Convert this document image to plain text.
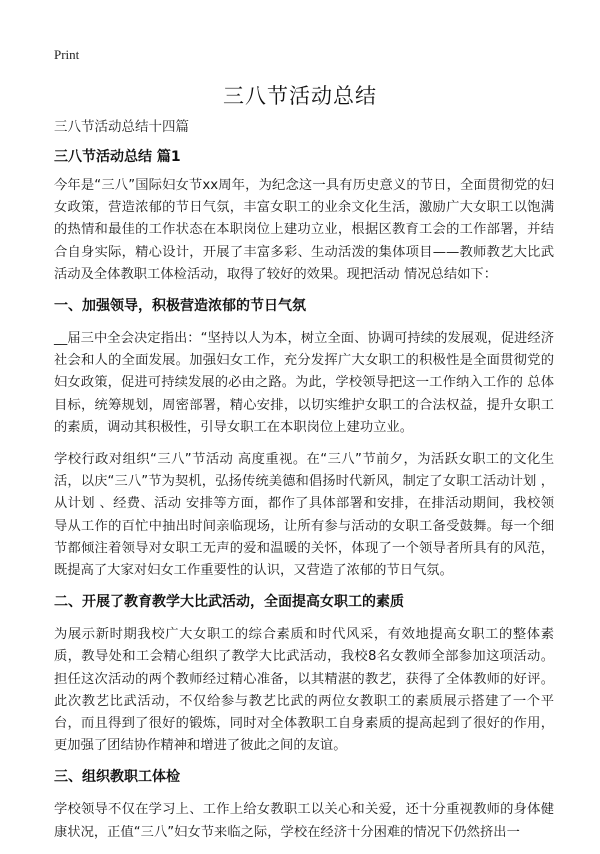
Print
三八节活动总结
三八节活动总结十四篇
三八节活动总结 篇1

今年是“三八”国际妇女节xx周年，为纪念这一具有历史意义的节日，全面贯彻党的妇女政策，营造浓郁的节日气氛，丰富女职工的业余文化生活，激励广大女职工以饱满的热情和最佳的工作状态在本职岗位上建功立业，根据区教育工会的工作部署，并结合自身实际，精心设计，开展了丰富多彩、生动活泼的集体项目——教师教艺大比武活动及全体教职工体检活动，取得了较好的效果。现把活动 情况总结如下：

一、加强领导，积极营造浓郁的节日气氛

__届三中全会决定指出：“坚持以人为本，树立全面、协调可持续的发展观，促进经济社会和人的全面发展。加强妇女工作，充分发挥广大女职工的积极性是全面贯彻党的妇女政策，促进可持续发展的必由之路。为此，学校领导把这一工作纳入工作的 总体目标，统筹规划，周密部署，精心安排，以切实维护女职工的合法权益，提升女职工的素质，调动其积极性，引导女职工在本职岗位上建功立业。

学校行政对组织“三八”节活动 高度重视。在“三八”节前夕，为活跃女职工的文化生活，以庆“三八”节为契机，弘扬传统美德和倡扬时代新风，制定了女职工活动计划 ，从计划 、经费、活动 安排等方面，都作了具体部署和安排，在排活动期间，我校领导从工作的百忙中抽出时间亲临现场，让所有参与活动的女职工备受鼓舞。每一个细节都倾注着领导对女职工无声的爱和温暖的关怀，体现了一个领导者所具有的风范，既提高了大家对妇女工作重要性的认识，又营造了浓郁的节日气氛。

二、开展了教育教学大比武活动，全面提高女职工的素质

为展示新时期我校广大女职工的综合素质和时代风采，有效地提高女职工的整体素质，教导处和工会精心组织了教学大比武活动，我校8名女教师全部参加这项活动。担任这次活动的两个教师经过精心准备，以其精湛的教艺，获得了全体教师的好评。此次教艺比武活动，不仅给参与教艺比武的两位女教职工的素质展示搭建了一个平台，而且得到了很好的锻炼，同时对全体教职工自身素质的提高起到了很好的作用，更加强了团结协作精神和增进了彼此之间的友谊。

三、组织教职工体检

学校领导不仅在学习上、工作上给女教职工以关心和关爱，还十分重视教师的身体健康状况，正值“三八”妇女节来临之际，学校在经济十分困难的情况下仍然挤出一
